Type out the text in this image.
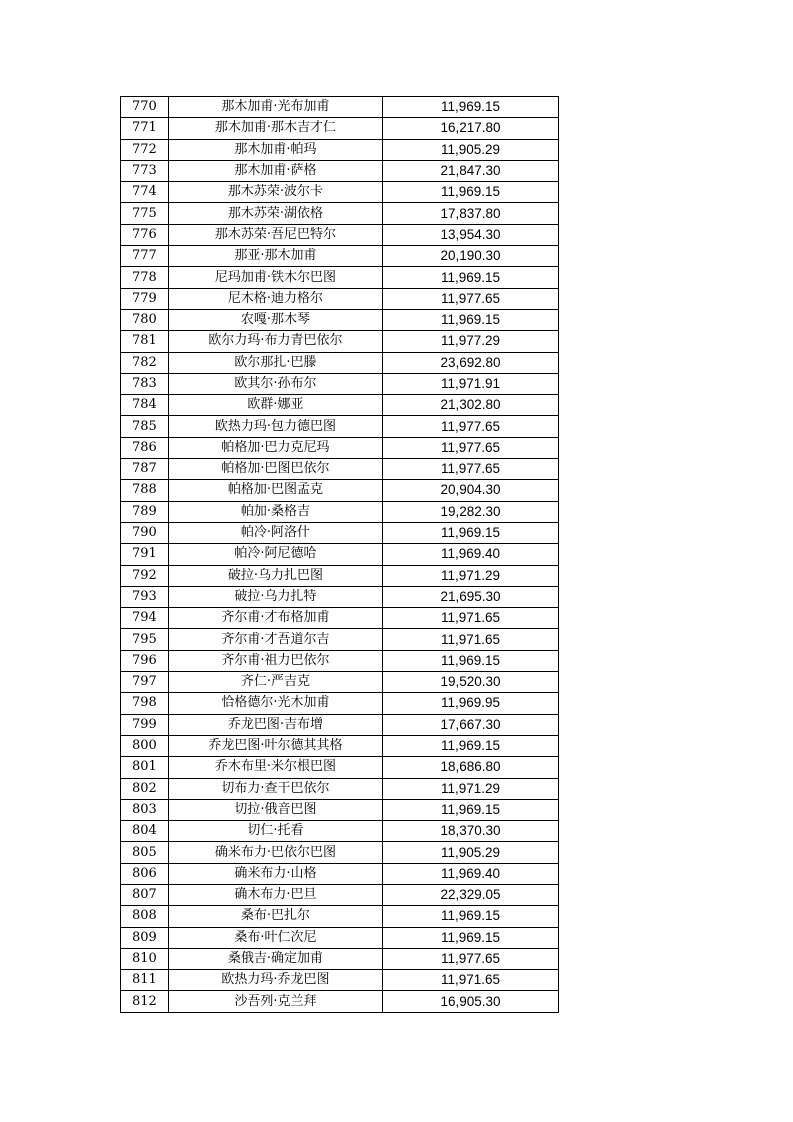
770	那木加甫·光布加甫	11,969.15
771	那木加甫·那木吉才仁	16,217.80
772	那木加甫·帕玛	11,905.29
773	那木加甫·萨格	21,847.30
774	那木苏荣·波尔卡	11,969.15
775	那木苏荣·湖依格	17,837.80
776	那木苏荣·吾尼巴特尔	13,954.30
777	那亚·那木加甫	20,190.30
778	尼玛加甫·铁木尔巴图	11,969.15
779	尼木格·迪力格尔	11,977.65
780	农嘎·那木琴	11,969.15
781	欧尔力玛·布力青巴依尔	11,977.29
782	欧尔那扎·巴滕	23,692.80
783	欧其尔·孙布尔	11,971.91
784	欧群·娜亚	21,302.80
785	欧热力玛·包力德巴图	11,977.65
786	帕格加·巴力克尼玛	11,977.65
787	帕格加·巴图巴依尔	11,977.65
788	帕格加·巴图孟克	20,904.30
789	帕加·桑格吉	19,282.30
790	帕冷·阿洛什	11,969.15
791	帕冷·阿尼德哈	11,969.40
792	破拉·乌力扎巴图	11,971.29
793	破拉·乌力扎特	21,695.30
794	齐尔甫·才布格加甫	11,971.65
795	齐尔甫·才吾道尔吉	11,971.65
796	齐尔甫·祖力巴依尔	11,969.15
797	齐仁·严吉克	19,520.30
798	恰格德尔·光木加甫	11,969.95
799	乔龙巴图·吉布增	17,667.30
800	乔龙巴图·叶尔德其其格	11,969.15
801	乔木布里·米尔根巴图	18,686.80
802	切布力·查干巴依尔	11,971.29
803	切拉·俄音巴图	11,969.15
804	切仁·托看	18,370.30
805	确米布力·巴依尔巴图	11,905.29
806	确米布力·山格	11,969.40
807	确木布力·巴旦	22,329.05
808	桑布·巴扎尔	11,969.15
809	桑布·叶仁次尼	11,969.15
810	桑俄吉·确定加甫	11,977.65
811	欧热力玛·乔龙巴图	11,971.65
812	沙吾列·克兰拜	16,905.30
